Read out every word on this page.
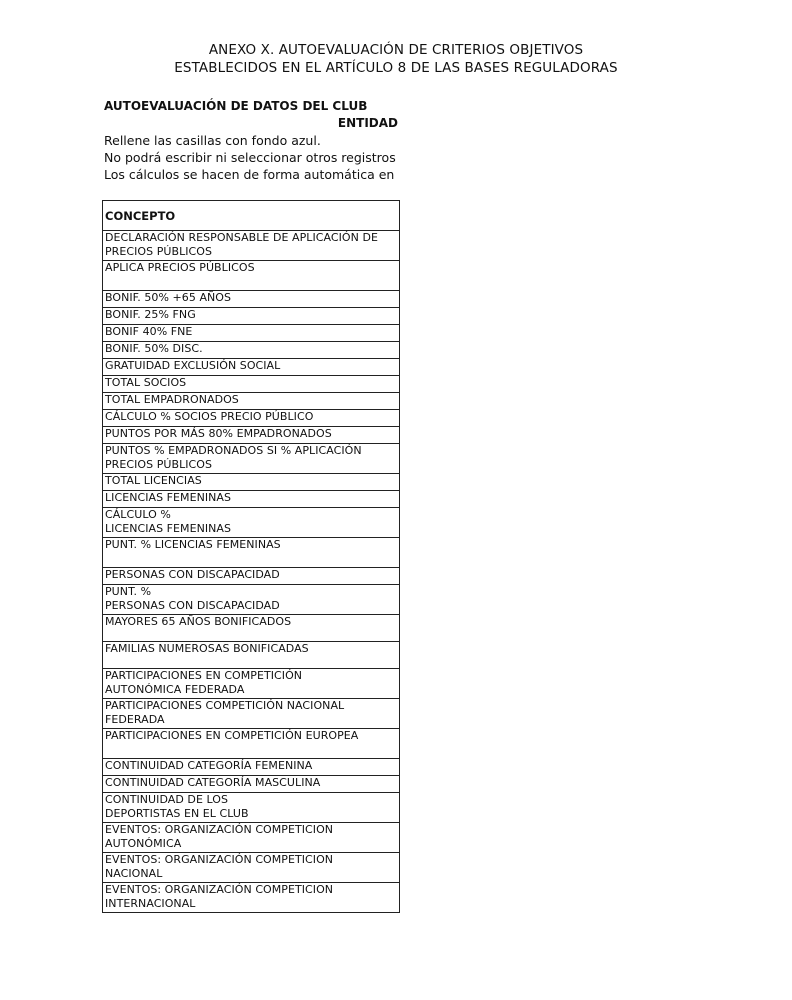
ANEXO X. AUTOEVALUACIÓN DE CRITERIOS OBJETIVOS
ESTABLECIDOS EN EL ARTÍCULO 8 DE LAS BASES REGULADORAS
AUTOEVALUACIÓN DE DATOS DEL CLUB
ENTIDAD
Rellene las casillas con fondo azul.
No podrá escribir ni seleccionar otros registros
Los cálculos se hacen de forma automática en
CONCEPTO
DECLARACIÓN RESPONSABLE DE APLICACIÓN DE
PRECIOS PÚBLICOS
APLICA PRECIOS PÚBLICOS
BONIF. 50% +65 AÑOS
BONIF. 25% FNG
BONIF 40% FNE
BONIF. 50% DISC.
GRATUIDAD EXCLUSIÓN SOCIAL
TOTAL SOCIOS
TOTAL EMPADRONADOS
CÁLCULO % SOCIOS PRECIO PÚBLICO
PUNTOS POR MÁS 80% EMPADRONADOS
PUNTOS % EMPADRONADOS SI % APLICACIÓN
PRECIOS PÚBLICOS
TOTAL LICENCIAS
LICENCIAS FEMENINAS
CÁLCULO %
LICENCIAS FEMENINAS
PUNT. % LICENCIAS FEMENINAS
PERSONAS CON DISCAPACIDAD
PUNT. %
PERSONAS CON DISCAPACIDAD
MAYORES 65 AÑOS BONIFICADOS
FAMILIAS NUMEROSAS BONIFICADAS
PARTICIPACIONES EN COMPETICIÓN
AUTONÓMICA FEDERADA
PARTICIPACIONES COMPETICIÓN NACIONAL
FEDERADA
PARTICIPACIONES EN COMPETICIÓN EUROPEA
CONTINUIDAD CATEGORÍA FEMENINA
CONTINUIDAD CATEGORÍA MASCULINA
CONTINUIDAD DE LOS
DEPORTISTAS EN EL CLUB
EVENTOS: ORGANIZACIÓN COMPETICION
AUTONÓMICA
EVENTOS: ORGANIZACIÓN COMPETICION
NACIONAL
EVENTOS: ORGANIZACIÓN COMPETICION
INTERNACIONAL
